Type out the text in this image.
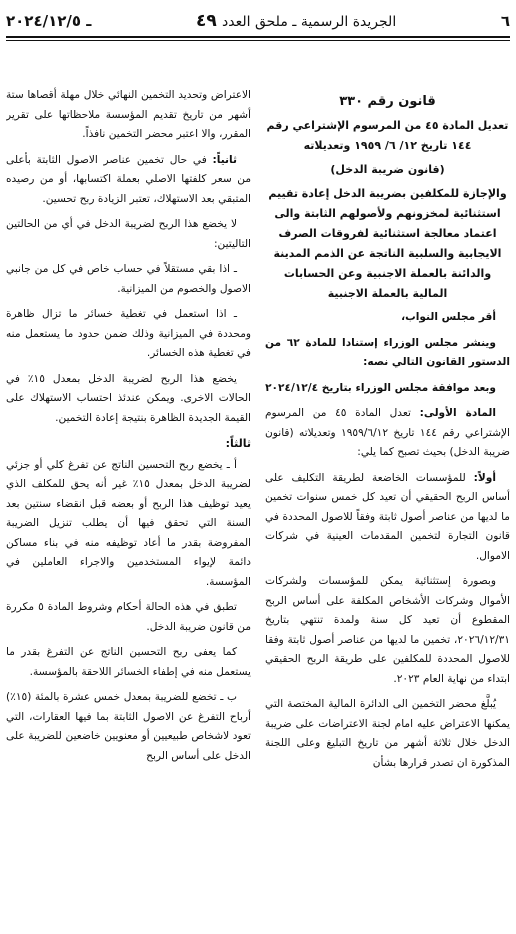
٦
الجريدة الرسمية ـ ملحق العدد ٤٩
ـ ٢٠٢٤/١٢/٥

قانون رقم ٣٣٠

تعديل المادة ٤٥ من المرسوم الإشتراعي رقم ١٤٤ تاريخ ١٢/ ٦/ ١٩٥٩ وتعديلاته

(قانون ضريبة الدخل)

والإجازة للمكلفين بضريبة الدخل إعادة تقييم استثنائية لمخزونهم ولأصولهم الثابتة والى اعتماد معالجة استثنائية لفروقات الصرف الايجابية والسلبية الناتجة عن الذمم المدينة والدائنة بالعملة الاجنبية وعن الحسابات المالية بالعملة الاجنبية

أقر مجلس النواب،

وينشر مجلس الوزراء إستنادا للمادة ٦٢ من الدستور القانون التالي نصه:

وبعد موافقة مجلس الوزراء بتاريخ ٢٠٢٤/١٢/٤

المادة الأولى: تعدل المادة ٤٥ من المرسوم الإشتراعي رقم ١٤٤ تاريخ ١٩٥٩/٦/١٢ وتعديلاته (قانون ضريبة الدخل) بحيث تصبح كما يلي:

أولاً: للمؤسسات الخاضعة لطريقة التكليف على أساس الربح الحقيقي أن تعيد كل خمس سنوات تخمين ما لديها من عناصر أصول ثابتة وفقاً للاصول المحددة في قانون التجارة لتخمين المقدمات العينية في شركات الاموال.

وبصورة إستثنائية يمكن للمؤسسات ولشركات الأموال وشركات الأشخاص المكلفة على أساس الربح المقطوع أن تعيد كل سنة ولمدة تنتهي بتاريخ ٢٠٢٦/١٢/٣١، تخمين ما لديها من عناصر أصول ثابتة وفقا للاصول المحددة للمكلفين على طريقة الربح الحقيقي ابتداء من نهاية العام ٢٠٢٣.

يُبلَّغ محضر التخمين الى الدائرة المالية المختصة التي يمكنها الاعتراض عليه امام لجنة الاعتراضات على ضريبة الدخل خلال ثلاثة أشهر من تاريخ التبليغ وعلى اللجنة المذكورة ان تصدر قرارها بشأن

الاعتراض وتحديد التخمين النهائي خلال مهلة أقصاها ستة أشهر من تاريخ تقديم المؤسسة ملاحظاتها على تقرير المقرر، والا اعتبر محضر التخمين نافذاً.

ثانياً: في حال تخمين عناصر الاصول الثابتة بأعلى من سعر كلفتها الاصلي بعملة اكتسابها، أو من رصيده المتبقي بعد الاستهلاك، تعتبر الزيادة ربح تحسين.

لا يخضع هذا الربح لضريبة الدخل في أي من الحالتين التاليتين:

ـ اذا بقي مستقلاً في حساب خاص في كل من جانبي الاصول والخصوم من الميزانية.

ـ اذا استعمل في تغطية خسائر ما تزال ظاهرة ومحددة في الميزانية وذلك ضمن حدود ما يستعمل منه في تغطية هذه الخسائر.

يخضع هذا الربح لضريبة الدخل بمعدل ١٥٪ في الحالات الاخرى. ويمكن عندئذ احتساب الاستهلاك على القيمة الجديدة الظاهرة بنتيجة إعادة التخمين.

ثالثاً:

أ ـ يخضع ربح التحسين الناتج عن تفرغ كلي أو جزئي لضريبة الدخل بمعدل ١٥٪ غير أنه يحق للمكلف الذي يعيد توظيف هذا الربح أو بعضه قبل انقضاء سنتين بعد السنة التي تحقق فيها أن يطلب تنزيل الضريبة المفروضة بقدر ما أعاد توظيفه منه في بناء مساكن دائمة لإيواء المستخدمين والاجراء العاملين في المؤسسة.

تطبق في هذه الحالة أحكام وشروط المادة ٥ مكررة من قانون ضريبة الدخل.

كما يعفى ربح التحسين الناتج عن التفرغ بقدر ما يستعمل منه في إطفاء الخسائر اللاحقة بالمؤسسة.

ب ـ تخضع للضريبة بمعدل خمس عشرة بالمئة (١٥٪) أرباح التفرغ عن الاصول الثابتة بما فيها العقارات، التي تعود لاشخاص طبيعيين أو معنويين خاضعين للضريبة على الدخل على أساس الربح
